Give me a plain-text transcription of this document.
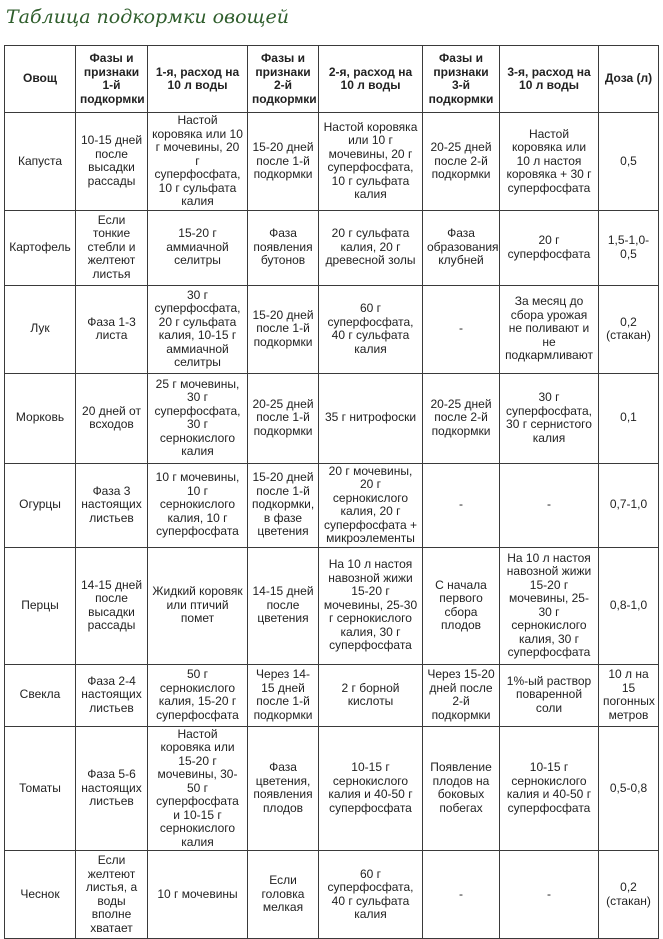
Таблица подкормки овощей
Овощ	Фазы и признаки 1-й подкормки	1-я, расход на 10 л воды	Фазы и признаки 2-й подкормки	2-я, расход на 10 л воды	Фазы и признаки 3-й подкормки	3-я, расход на 10 л воды	Доза (л)
Капуста	10-15 дней после высадки рассады	Настой коровяка или 10 г мочевины, 20 г суперфосфата, 10 г сульфата калия	15-20 дней после 1-й подкормки	Настой коровяка или 10 г мочевины, 20 г суперфосфата, 10 г сульфата калия	20-25 дней после 2-й подкормки	Настой коровяка или 10 л настоя коровяка + 30 г суперфосфата	0,5
Картофель	Если тонкие стебли и желтеют листья	15-20 г аммиачной селитры	Фаза появления бутонов	20 г сульфата калия, 20 г древесной золы	Фаза образования клубней	20 г суперфосфата	1,5-1,0-0,5
Лук	Фаза 1-3 листа	30 г суперфосфата, 20 г сульфата калия, 10-15 г аммиачной селитры	15-20 дней после 1-й подкормки	60 г суперфосфата, 40 г сульфата калия	-	За месяц до сбора урожая не поливают и не подкармливают	0,2 (стакан)
Морковь	20 дней от всходов	25 г мочевины, 30 г суперфосфата, 30 г сернокислого калия	20-25 дней после 1-й подкормки	35 г нитрофоски	20-25 дней после 2-й подкормки	30 г суперфосфата, 30 г сернистого калия	0,1
Огурцы	Фаза 3 настоящих листьев	10 г мочевины, 10 г сернокислого калия, 10 г суперфосфата	15-20 дней после 1-й подкормки, в фазе цветения	20 г мочевины, 20 г сернокислого калия, 20 г суперфосфата + микроэлементы	-	-	0,7-1,0
Перцы	14-15 дней после высадки рассады	Жидкий коровяк или птичий помет	14-15 дней после цветения	На 10 л настоя навозной жижи 15-20 г мочевины, 25-30 г сернокислого калия, 30 г суперфосфата	С начала первого сбора плодов	На 10 л настоя навозной жижи 15-20 г мочевины, 25-30 г сернокислого калия, 30 г суперфосфата	0,8-1,0
Свекла	Фаза 2-4 настоящих листьев	50 г сернокислого калия, 15-20 г суперфосфата	Через 14-15 дней после 1-й подкормки	2 г борной кислоты	Через 15-20 дней после 2-й подкормки	1%-ый раствор поваренной соли	10 л на 15 погонных метров
Томаты	Фаза 5-6 настоящих листьев	Настой коровяка или 15-20 г мочевины, 30-50 г суперфосфата и 10-15 г сернокислого калия	Фаза цветения, появления плодов	10-15 г сернокислого калия и 40-50 г суперфосфата	Появление плодов на боковых побегах	10-15 г сернокислого калия и 40-50 г суперфосфата	0,5-0,8
Чеснок	Если желтеют листья, а воды вполне хватает	10 г мочевины	Если головка мелкая	60 г суперфосфата, 40 г сульфата калия	-	-	0,2 (стакан)
